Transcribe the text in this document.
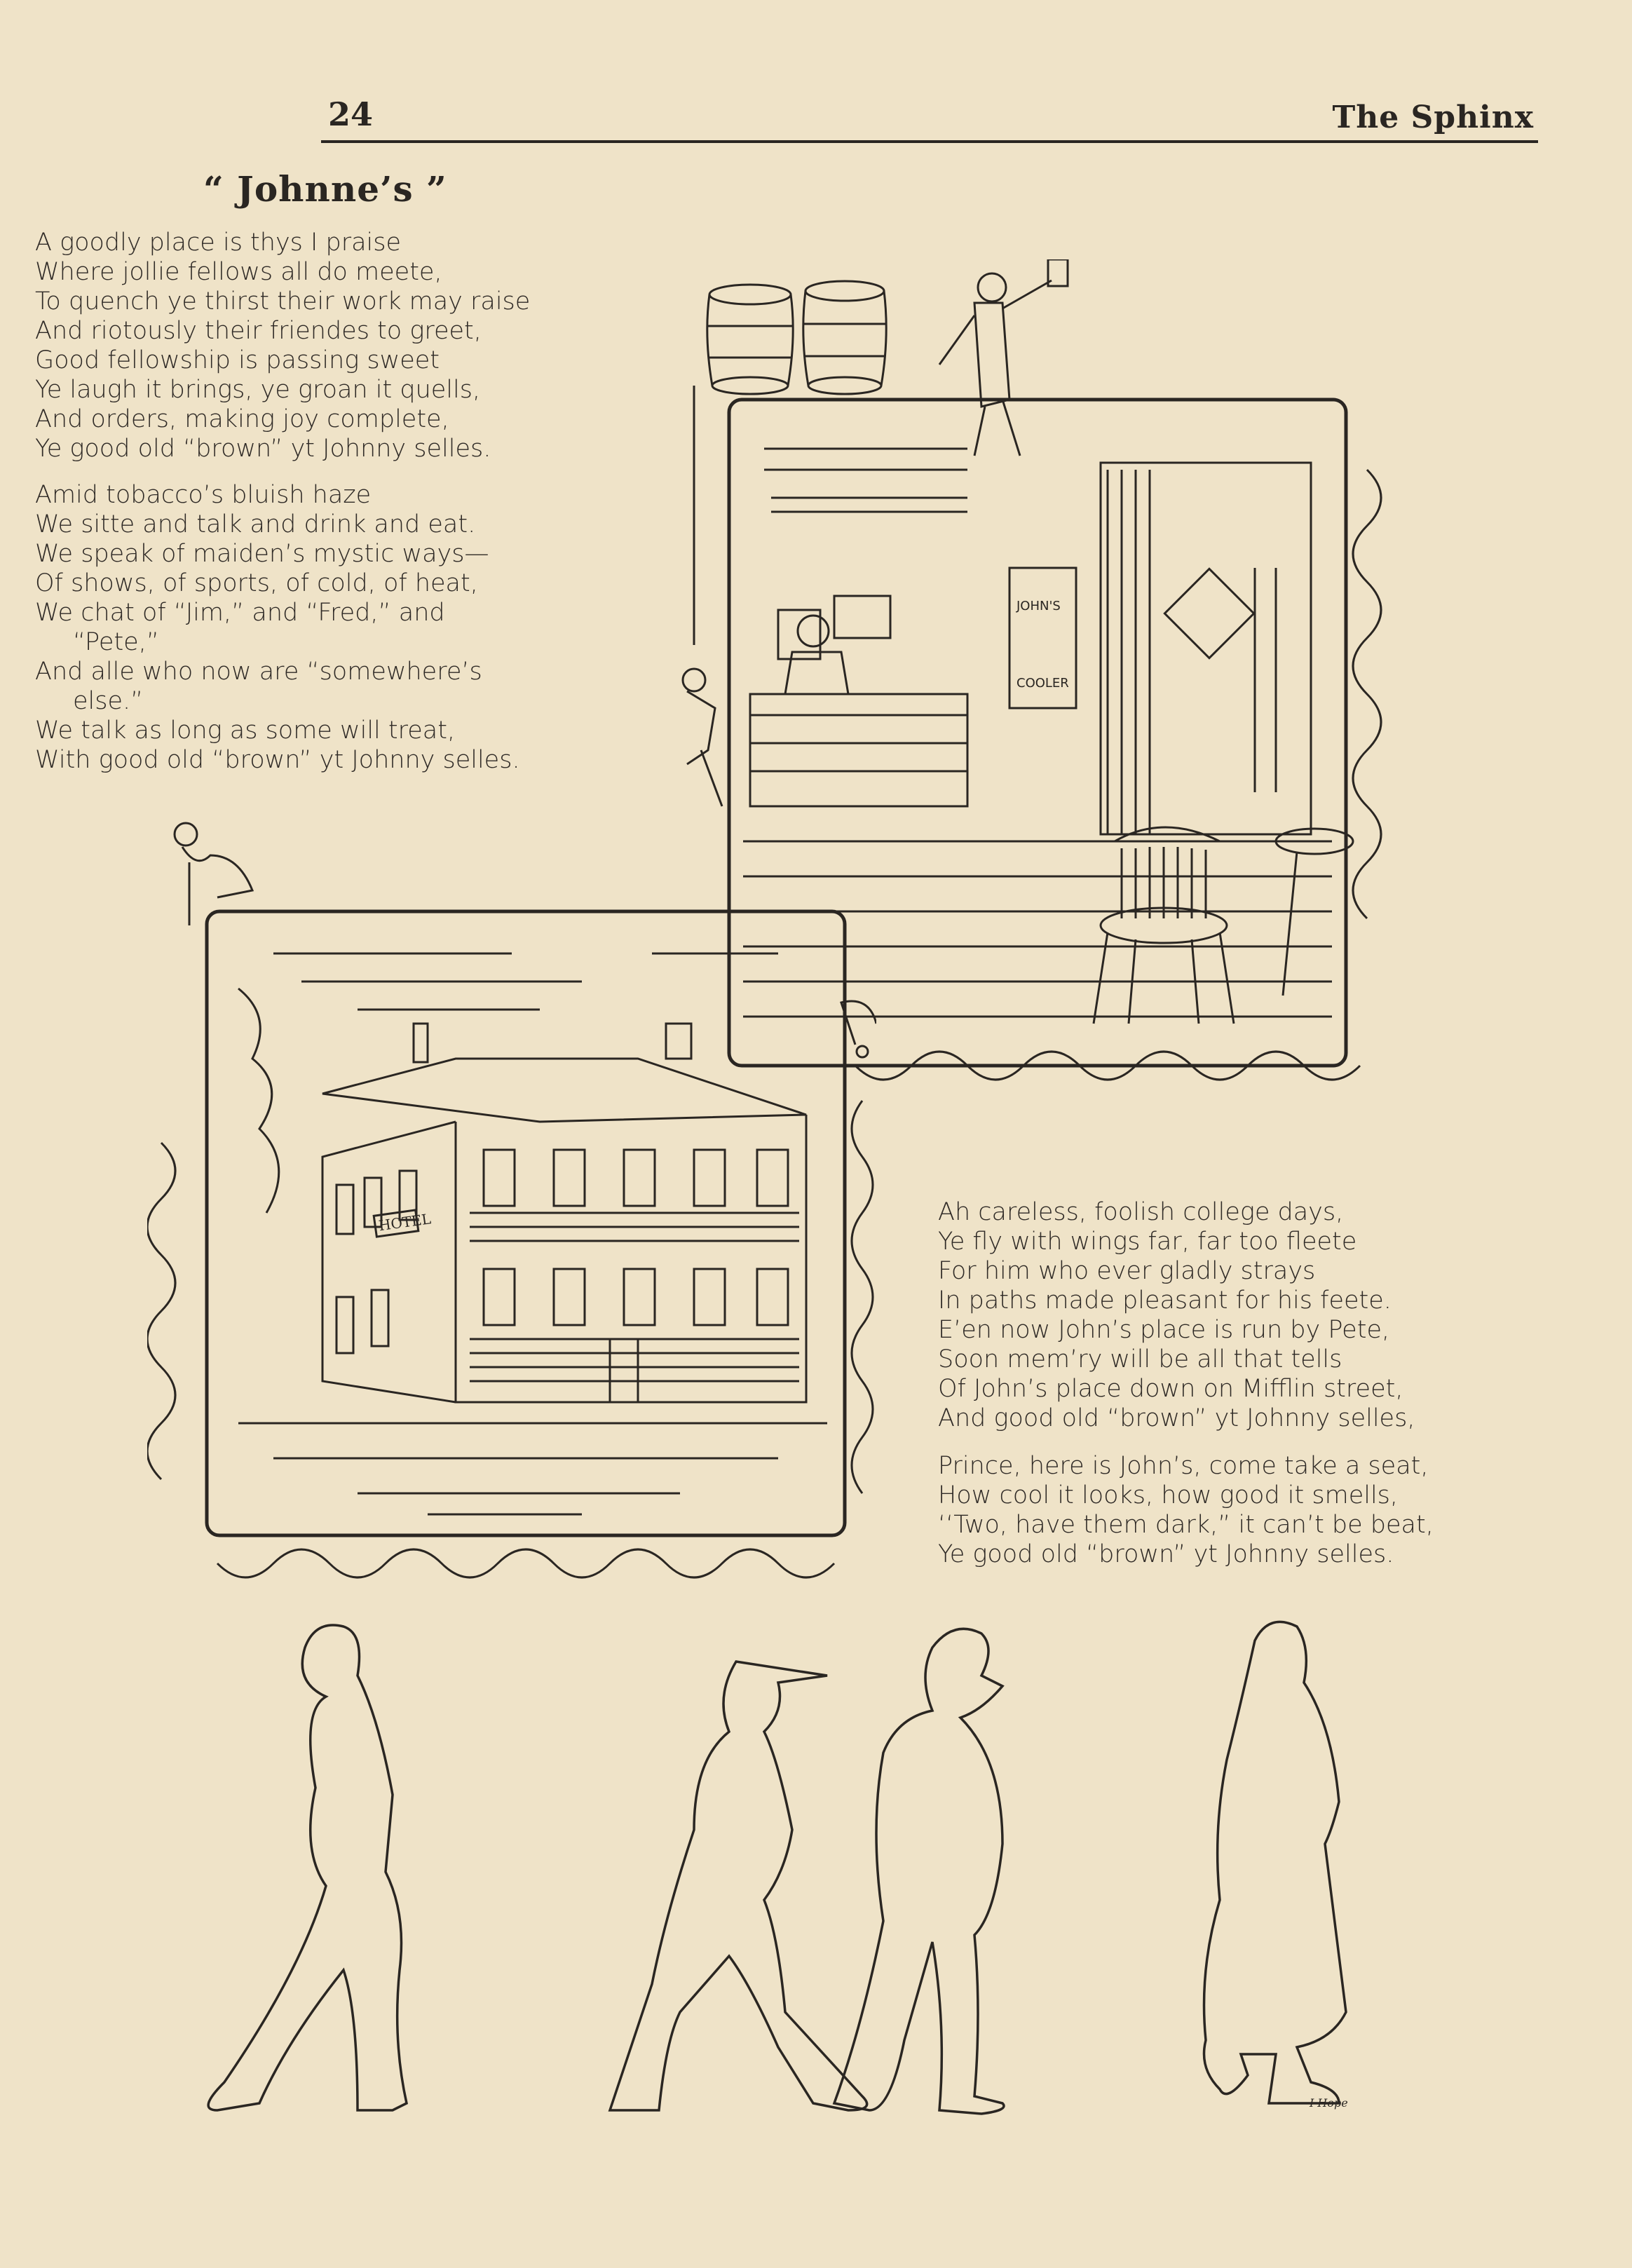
24	The Sphinx
“ Johnne’s ”
A goodly place is thys I praise
Where jollie fellows all do meete,
To quench ye thirst their work may raise
And riotously their friendes to greet,
Good fellowship is passing sweet
Ye laugh it brings, ye groan it quells,
And orders, making joy complete,
Ye good old “brown” yt Johnny selles.
Amid tobacco’s bluish haze
We sitte and talk and drink and eat.
We speak of maiden’s mystic ways—
Of shows, of sports, of cold, of heat,
We chat of “Jim,” and “Fred,” and
“Pete,”
And alle who now are “somewhere’s
else.”
We talk as long as some will treat,
With good old “brown” yt Johnny selles.
Ah careless, foolish college days,
Ye fly with wings far, far too fleete
For him who ever gladly strays
In paths made pleasant for his feete.
E’en now John’s place is run by Pete,
Soon mem’ry will be all that tells
Of John’s place down on Mifflin street,
And good old “brown” yt Johnny selles,
Prince, here is John’s, come take a seat,
How cool it looks, how good it smells,
‘‘Two, have them dark,” it can’t be beat,
Ye good old “brown” yt Johnny selles.
JOHN'S
COOLER
HOTEL
I Hope
